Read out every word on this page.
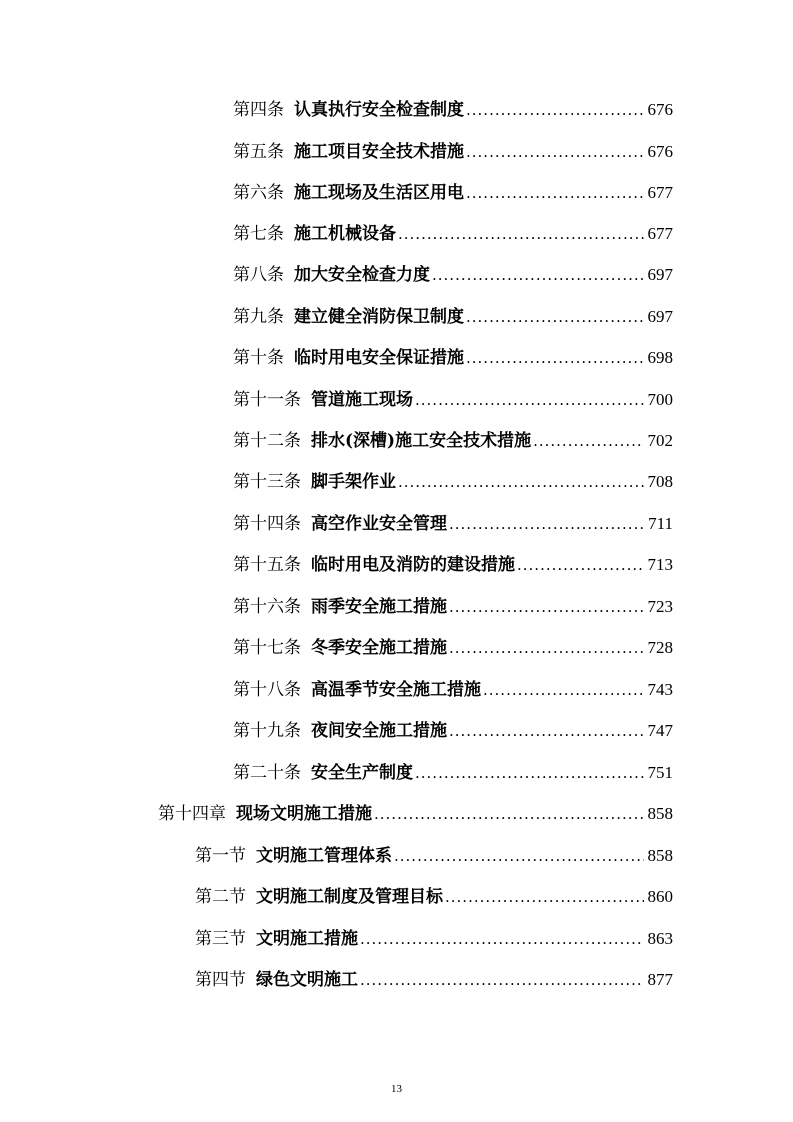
第四条 认真执行安全检查制度 .....	676
第五条 施工项目安全技术措施 .....	676
第六条 施工现场及生活区用电 .....	677
第七条 施工机械设备 .....	677
第八条 加大安全检查力度 .....	697
第九条 建立健全消防保卫制度 .....	697
第十条 临时用电安全保证措施 .....	698
第十一条 管道施工现场 .....	700
第十二条 排水(深槽)施工安全技术措施 .....	702
第十三条 脚手架作业 .....	708
第十四条 高空作业安全管理 .....	711
第十五条 临时用电及消防的建设措施 .....	713
第十六条 雨季安全施工措施 .....	723
第十七条 冬季安全施工措施 .....	728
第十八条 高温季节安全施工措施 .....	743
第十九条 夜间安全施工措施 .....	747
第二十条 安全生产制度 .....	751
第十四章 现场文明施工措施 .....	858
第一节 文明施工管理体系 .....	858
第二节 文明施工制度及管理目标 .....	860
第三节 文明施工措施 .....	863
第四节 绿色文明施工 .....	877
13
